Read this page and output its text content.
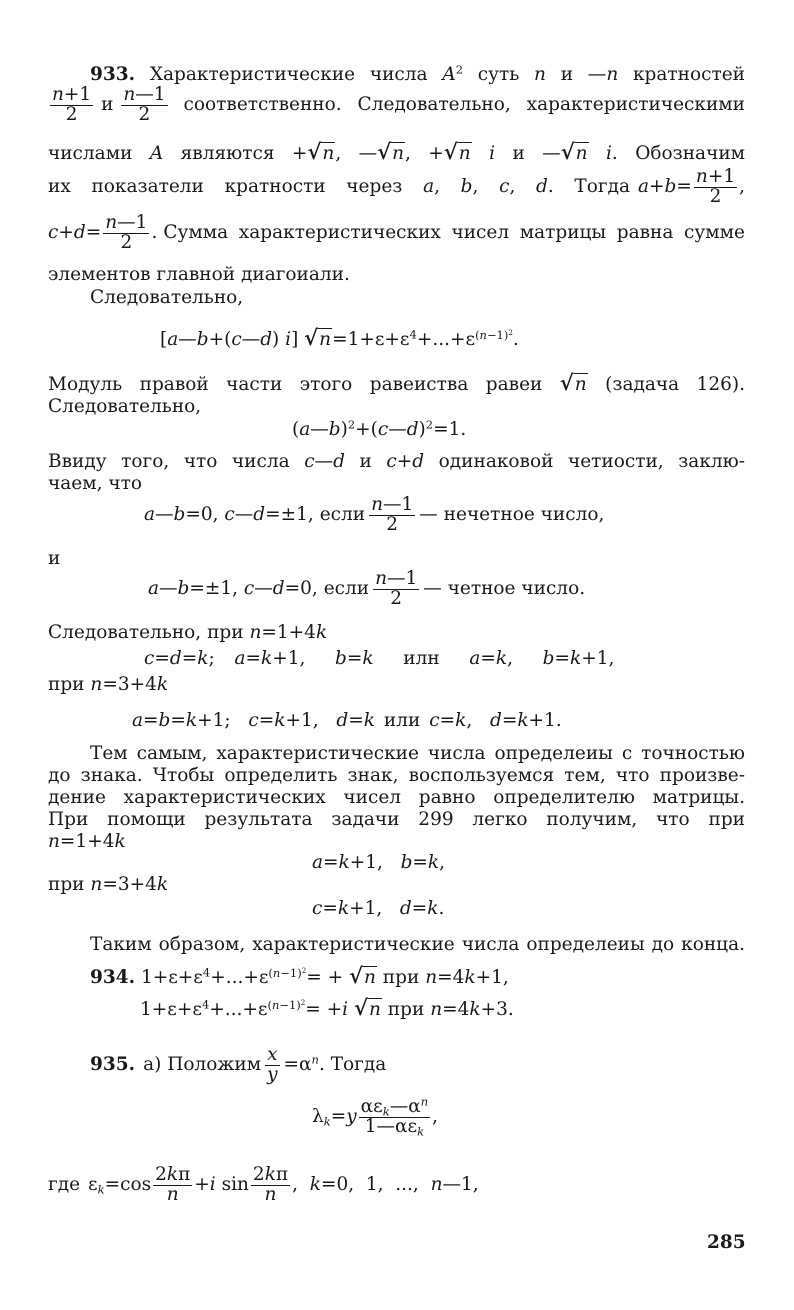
933. Характеристические числа $A^2$ суть n и —n кратностей
$\frac{n+1}{2}$ и $\frac{n—1}{2}$ соответственно. Следовательно, характеристическими
числами A являются +√n, —√n, +√n i и —√n i. Обозначим
их показатели кратности через a, b, c, d. Тогда $a+b= \frac{n+1}{2}$ ,
$c+d= \frac{n—1}{2}$ . Сумма характеристических чисел матрицы равна сумме
элементов главной диагоиали.
Следовательно,
[a—b+(c—d) i] $√n=1+\varepsilon+\varepsilon^4+...+\varepsilon^{(n-1)^2}$.
Модуль правой части этого равеиства равеи √n (задача 126).
Следовательно,
(a—b)$^2$+(c—d)$^2$=1.
Ввиду того, что числа c—d и c+d одинаковой четиости, заклю-
чаем, что
a—b=0, c—d=±1, если $\frac{n—1}{2}$ — нечетное число,
и
a—b=±1, c—d=0, если $\frac{n—1}{2}$ — четное число.
Следовательно, при n=1+4k
c=d=k;  a=k+1,   b=k илн a=k,   b=k+1,
при n=3+4k
a=b=k+1;  c=k+1,  d=k или c=k,  d=k+1.
Тем самым, характеристические числа определеиы с точностью
до знака. Чтобы определить знак, воспользуемся тем, что произве-
дение характеристических чисел равно определителю матрицы.
При помощи результата задачи 299 легко получим, что при
n=1+4k
a=k+1,   b=k,
при n=3+4k
c=k+1,   d=k.
Таким образом, характеристические числа определеиы до конца.
934. $1+\varepsilon+\varepsilon^4+...+\varepsilon^{(n-1)^2}= + √n$ при n=4k+1,
$1+\varepsilon+\varepsilon^4+...+\varepsilon^{(n-1)^2}= +i$ √n при n=4k+3.
935. а) Положим $\frac{x}{y} =\alpha^n$ . Тогда
$\lambda_k=y \frac{\alpha\varepsilon_k—\alpha^n}{1—\alpha\varepsilon_k}$ ,
где $\varepsilon_k=\cos \frac{2k\pi}{n} +i$ $\sin \frac{2k\pi}{n}$ ,  k=0,  1,  ...,  n—1,
285
